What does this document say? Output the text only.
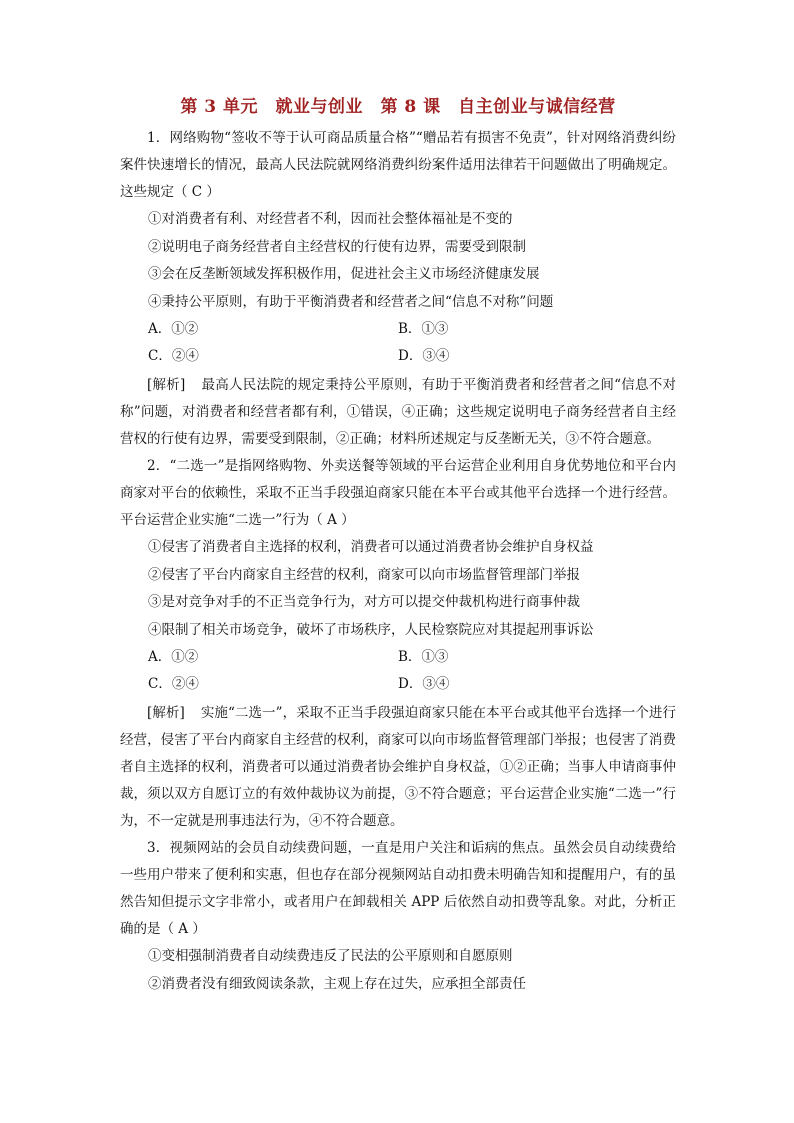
第 3 单元　就业与创业　第 8 课　自主创业与诚信经营

1．网络购物“签收不等于认可商品质量合格”“赠品若有损害不免责”，针对网络消费纠纷案件快速增长的情况，最高人民法院就网络消费纠纷案件适用法律若干问题做出了明确规定。这些规定（ C ）

①对消费者有利、对经营者不利，因而社会整体福祉是不变的

②说明电子商务经营者自主经营权的行使有边界，需要受到限制

③会在反垄断领域发挥积极作用，促进社会主义市场经济健康发展

④秉持公平原则，有助于平衡消费者和经营者之间“信息不对称”问题

A．①②	B．①③
C．②④	D．③④

[解析] 最高人民法院的规定秉持公平原则，有助于平衡消费者和经营者之间“信息不对称”问题，对消费者和经营者都有利，①错误，④正确；这些规定说明电子商务经营者自主经营权的行使有边界，需要受到限制，②正确；材料所述规定与反垄断无关，③不符合题意。

2．“二选一”是指网络购物、外卖送餐等领域的平台运营企业利用自身优势地位和平台内商家对平台的依赖性，采取不正当手段强迫商家只能在本平台或其他平台选择一个进行经营。平台运营企业实施“二选一”行为（ A ）

①侵害了消费者自主选择的权利，消费者可以通过消费者协会维护自身权益

②侵害了平台内商家自主经营的权利，商家可以向市场监督管理部门举报

③是对竞争对手的不正当竞争行为，对方可以提交仲裁机构进行商事仲裁

④限制了相关市场竞争，破坏了市场秩序，人民检察院应对其提起刑事诉讼

A．①②	B．①③
C．②④	D．③④

[解析] 实施“二选一”，采取不正当手段强迫商家只能在本平台或其他平台选择一个进行经营，侵害了平台内商家自主经营的权利，商家可以向市场监督管理部门举报；也侵害了消费者自主选择的权利，消费者可以通过消费者协会维护自身权益，①②正确；当事人申请商事仲裁，须以双方自愿订立的有效仲裁协议为前提，③不符合题意；平台运营企业实施“二选一”行为，不一定就是刑事违法行为，④不符合题意。

3．视频网站的会员自动续费问题，一直是用户关注和诟病的焦点。虽然会员自动续费给一些用户带来了便利和实惠，但也存在部分视频网站自动扣费未明确告知和提醒用户，有的虽然告知但提示文字非常小，或者用户在卸载相关 APP 后依然自动扣费等乱象。对此，分析正确的是（ A ）

①变相强制消费者自动续费违反了民法的公平原则和自愿原则

②消费者没有细致阅读条款，主观上存在过失，应承担全部责任
